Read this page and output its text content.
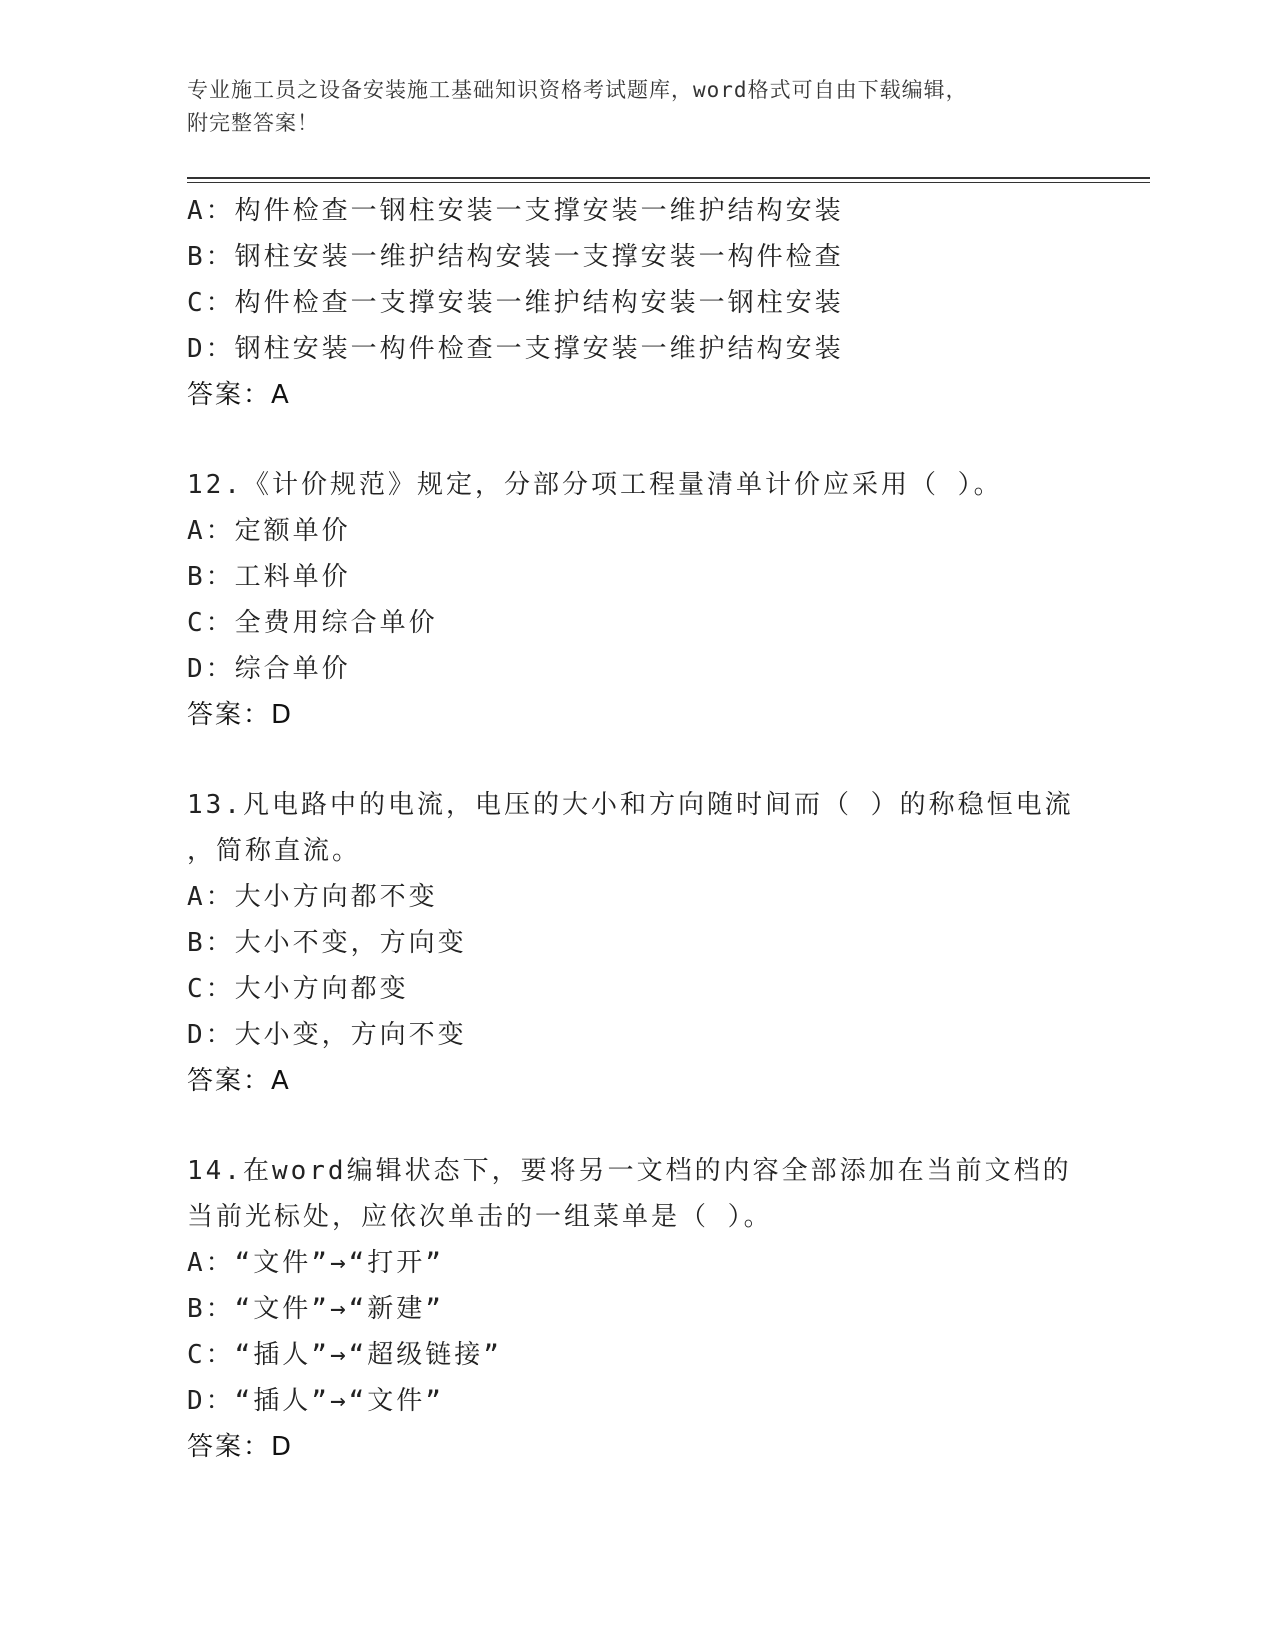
专业施工员之设备安装施工基础知识资格考试题库，word格式可自由下载编辑，
附完整答案！
A：构件检查一钢柱安装一支撑安装一维护结构安装
B：钢柱安装一维护结构安装一支撑安装一构件检查
C：构件检查一支撑安装一维护结构安装一钢柱安装
D：钢柱安装一构件检查一支撑安装一维护结构安装
答案：A
12.《计价规范》规定，分部分项工程量清单计价应采用（ ）。
A：定额单价
B：工料单价
C：全费用综合单价
D：综合单价
答案：D
13.凡电路中的电流，电压的大小和方向随时间而（ ）的称稳恒电流
，简称直流。
A：大小方向都不变
B：大小不变，方向变
C：大小方向都变
D：大小变，方向不变
答案：A
14.在word编辑状态下，要将另一文档的内容全部添加在当前文档的
当前光标处，应依次单击的一组菜单是（ ）。
A：“文件”→“打开”
B：“文件”→“新建”
C：“插人”→“超级链接”
D：“插人”→“文件”
答案：D
